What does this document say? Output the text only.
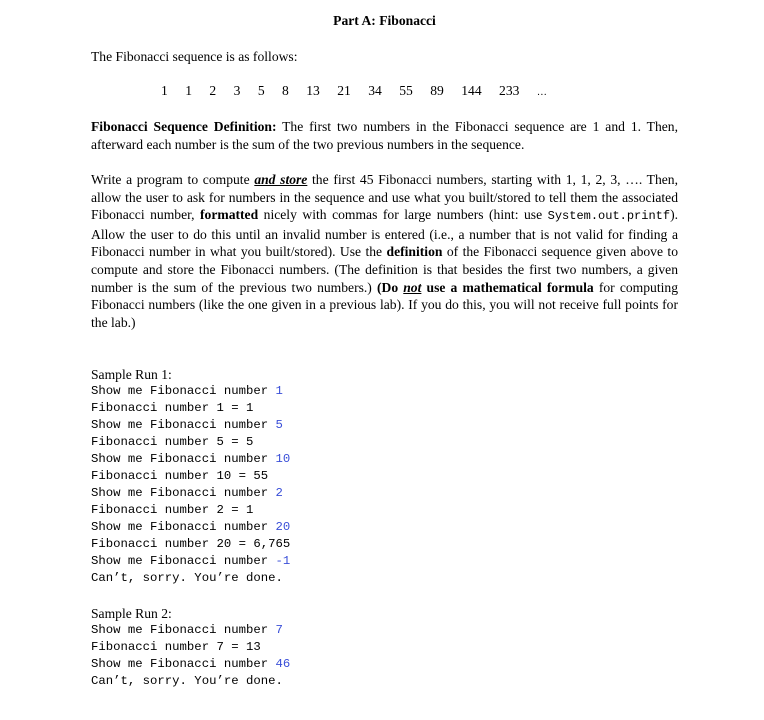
Part A: Fibonacci
The Fibonacci sequence is as follows:
1 1 2 3 5 8 13 21 34 55 89 144 233 …
Fibonacci Sequence Definition: The first two numbers in the Fibonacci sequence are 1 and 1. Then, afterward each number is the sum of the two previous numbers in the sequence.
Write a program to compute and store the first 45 Fibonacci numbers, starting with 1, 1, 2, 3, …. Then, allow the user to ask for numbers in the sequence and use what you built/stored to tell them the associated Fibonacci number, formatted nicely with commas for large numbers (hint: use System.out.printf). Allow the user to do this until an invalid number is entered (i.e., a number that is not valid for finding a Fibonacci number in what you built/stored). Use the definition of the Fibonacci sequence given above to compute and store the Fibonacci numbers. (The definition is that besides the first two numbers, a given number is the sum of the previous two numbers.) (Do not use a mathematical formula for computing Fibonacci numbers (like the one given in a previous lab). If you do this, you will not receive full points for the lab.)
Sample Run 1:
Show me Fibonacci number 1
Fibonacci number 1 = 1
Show me Fibonacci number 5
Fibonacci number 5 = 5
Show me Fibonacci number 10
Fibonacci number 10 = 55
Show me Fibonacci number 2
Fibonacci number 2 = 1
Show me Fibonacci number 20
Fibonacci number 20 = 6,765
Show me Fibonacci number -1
Can’t, sorry. You’re done.
Sample Run 2:
Show me Fibonacci number 7
Fibonacci number 7 = 13
Show me Fibonacci number 46
Can’t, sorry. You’re done.
